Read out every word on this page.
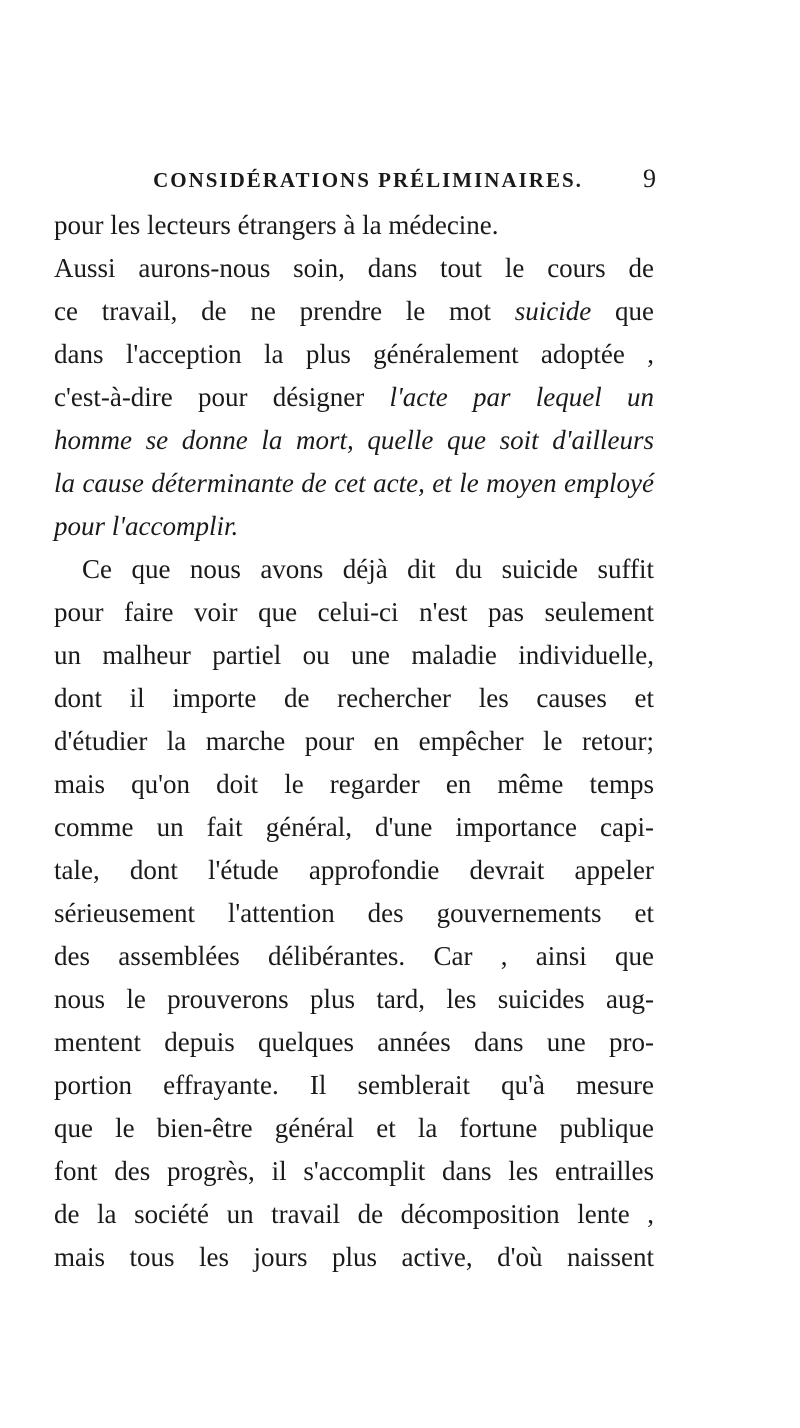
CONSIDÉRATIONS PRÉLIMINAIRES.	9
pour les lecteurs étrangers à la médecine.
Aussi aurons-nous soin, dans tout le cours de
ce travail, de ne prendre le mot suicide que
dans l'acception la plus généralement adoptée ,
c'est-à-dire pour désigner l'acte par lequel un
homme se donne la mort, quelle que soit d'ailleurs
la cause déterminante de cet acte, et le moyen employé
pour l'accomplir.
Ce que nous avons déjà dit du suicide suffit
pour faire voir que celui-ci n'est pas seulement
un malheur partiel ou une maladie individuelle,
dont il importe de rechercher les causes et
d'étudier la marche pour en empêcher le retour;
mais qu'on doit le regarder en même temps
comme un fait général, d'une importance capi-
tale, dont l'étude approfondie devrait appeler
sérieusement l'attention des gouvernements et
des assemblées délibérantes. Car , ainsi que
nous le prouverons plus tard, les suicides aug-
mentent depuis quelques années dans une pro-
portion effrayante. Il semblerait qu'à mesure
que le bien-être général et la fortune publique
font des progrès, il s'accomplit dans les entrailles
de la société un travail de décomposition lente ,
mais tous les jours plus active, d'où naissent
